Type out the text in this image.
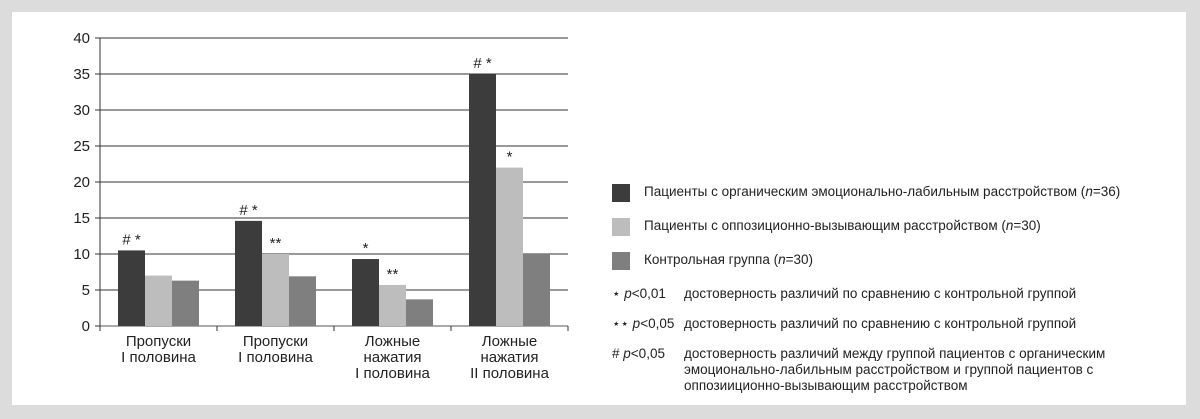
0
5
10
15
20
25
30
35
40
# *
Пропуски
I половина
# *
**
Пропуски
I половина
*
**
Ложные
нажатия
I половина
# *
*
Ложные
нажатия
II половина
Пациенты с органическим эмоционально-лабильным расстройством (n=36)
Пациенты с оппозиционно-вызывающим расстройством (n=30)
Контрольная группа (n=30)
⋆ p<0,01	достоверность различий по сравнению с контрольной группой
⋆⋆ p<0,05 достоверность различий по сравнению с контрольной группой
# p<0,05	достоверность различий между группой пациентов с органическим эмоционально-лабильным расстройством и группой пациентов с оппозииционно-вызывающим расстройством
